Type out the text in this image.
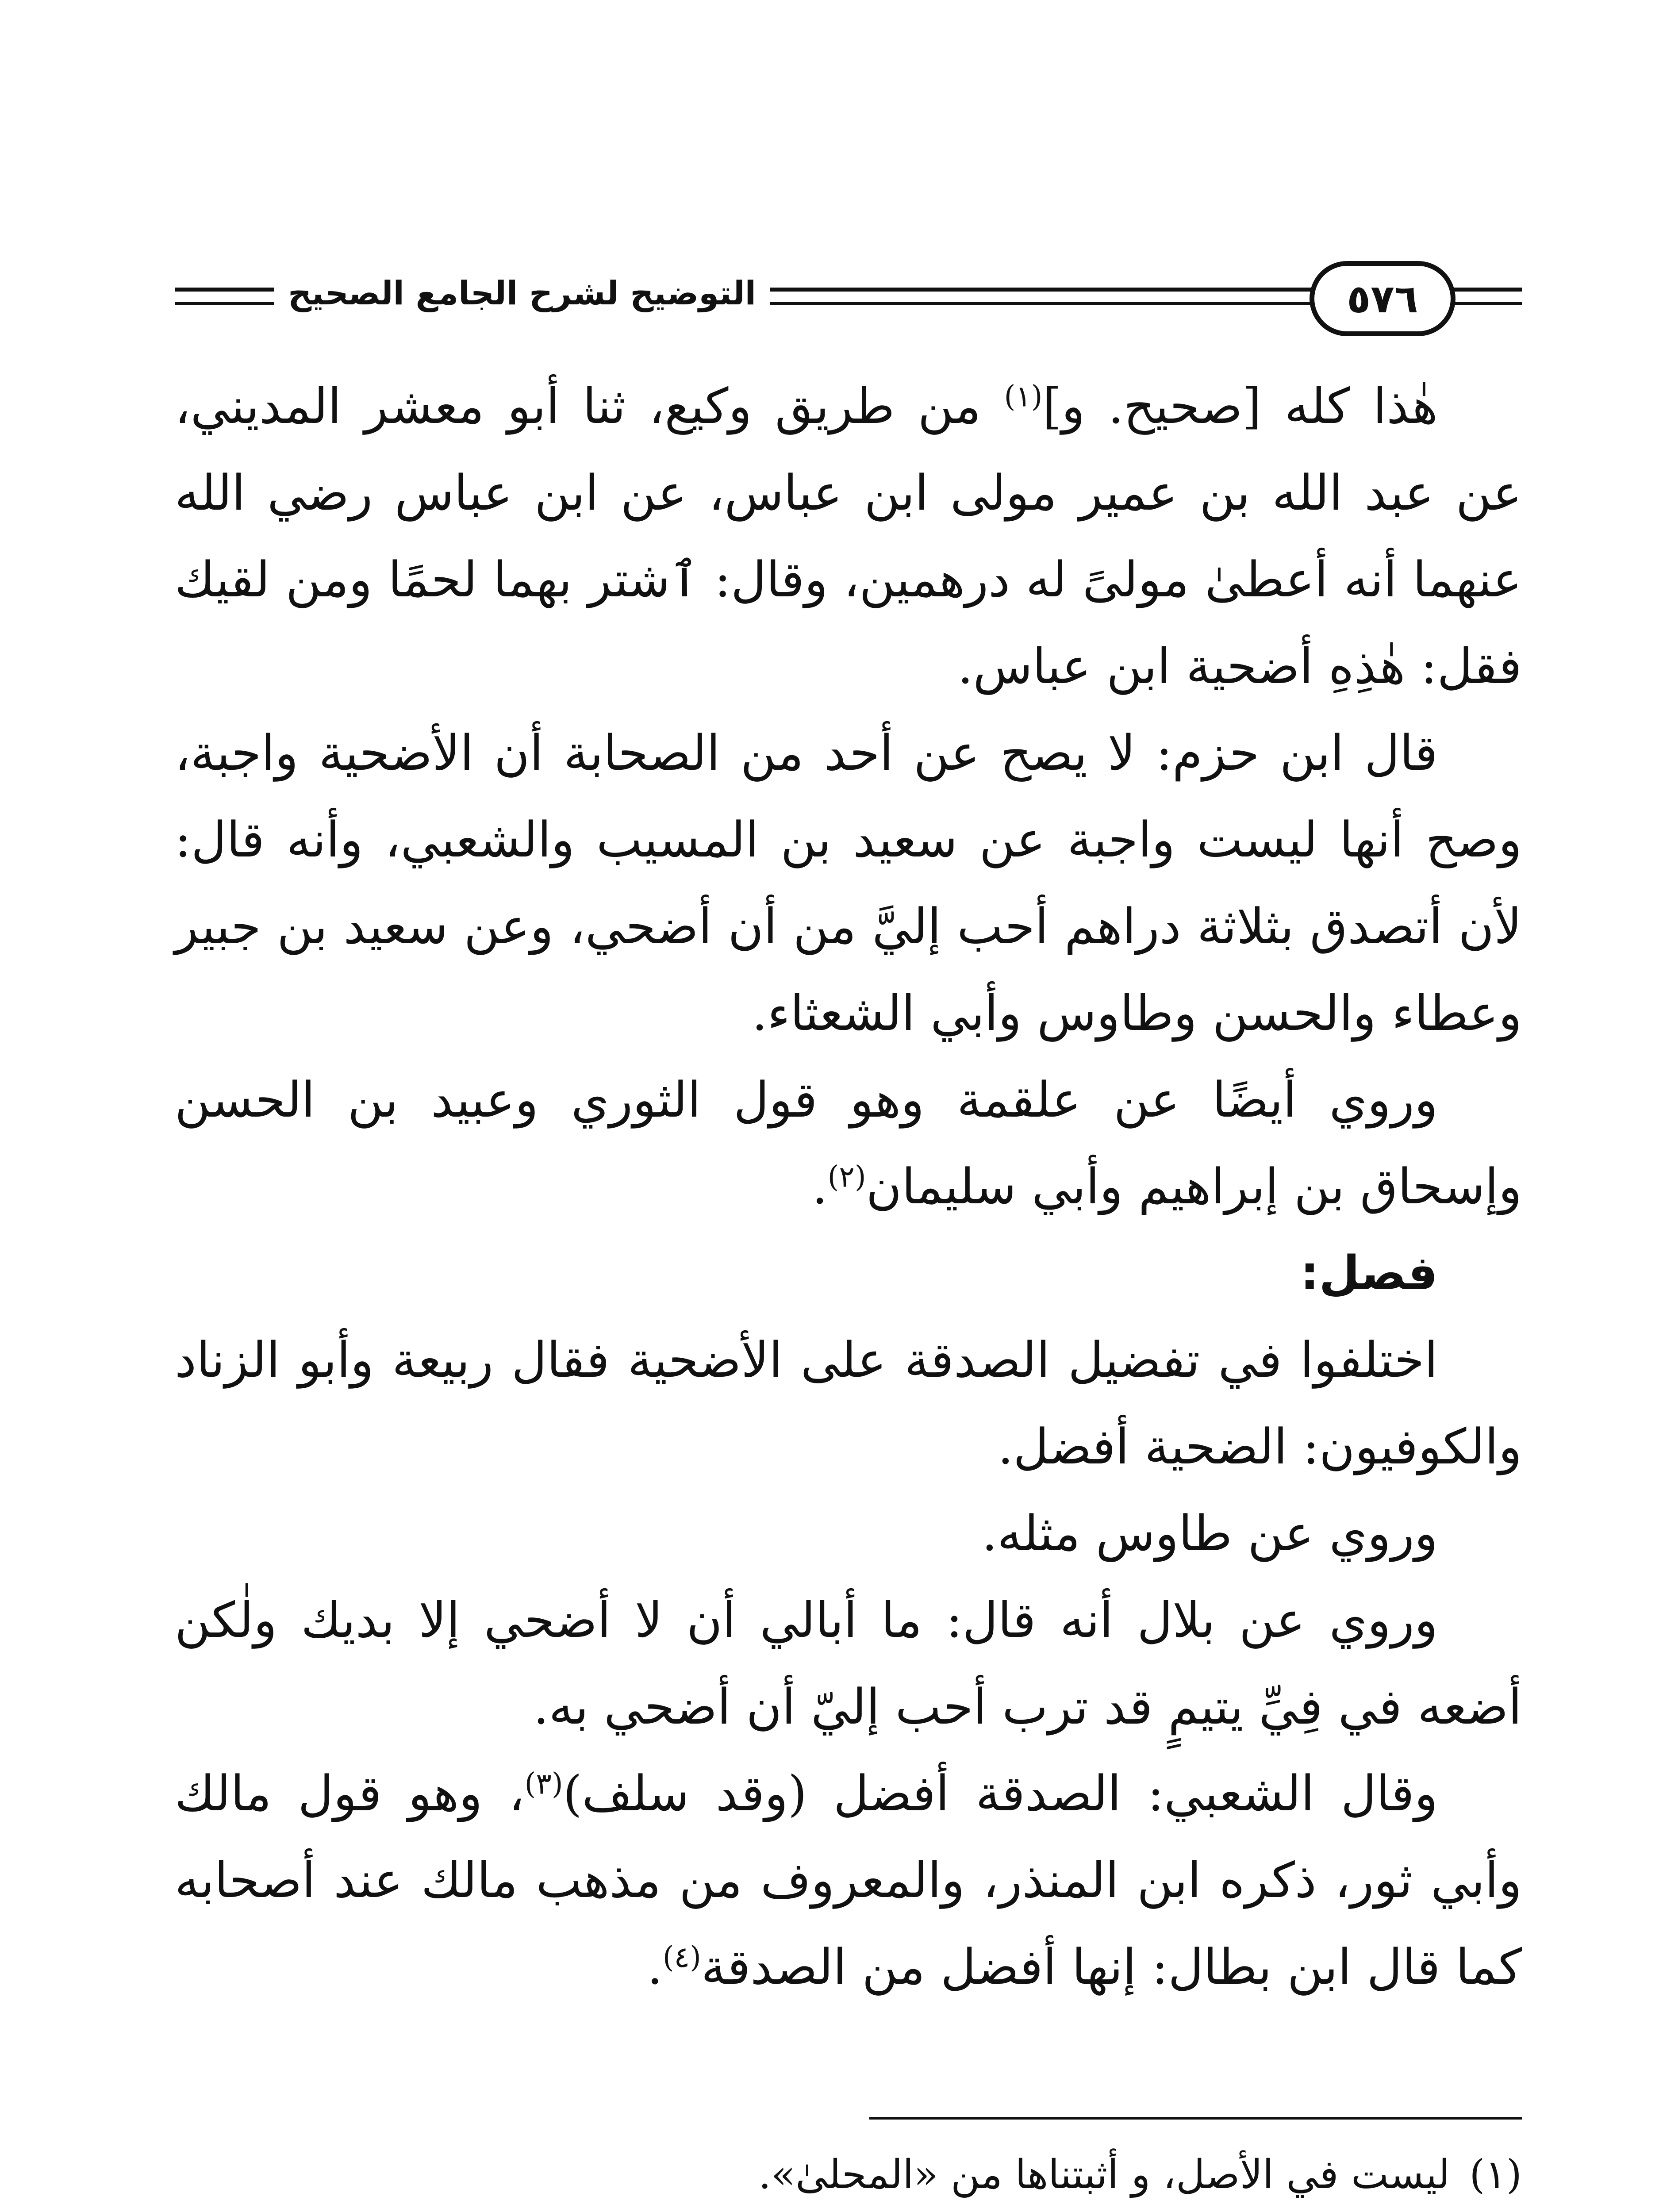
التوضيح لشرح الجامع الصحيح	٥٧٦

هٰذا كله [صحيح. و]$^{(١)}$ من طريق وكيع، ثنا أبو معشر المديني، عن عبد الله بن عمير مولى ابن عباس، عن ابن عباس رضي الله عنهما أنه أعطىٰ مولىً له درهمين، وقال: ٱشتر بهما لحمًا ومن لقيك فقل: هٰذِهِ أضحية ابن عباس.

قال ابن حزم: لا يصح عن أحد من الصحابة أن الأضحية واجبة، وصح أنها ليست واجبة عن سعيد بن المسيب والشعبي، وأنه قال: لأن أتصدق بثلاثة دراهم أحب إليَّ من أن أضحي، وعن سعيد بن جبير وعطاء والحسن وطاوس وأبي الشعثاء.

وروي أيضًا عن علقمة وهو قول الثوري وعبيد بن الحسن وإسحاق بن إبراهيم وأبي سليمان$^{(٢)}$.

فصل:

اختلفوا في تفضيل الصدقة على الأضحية فقال ربيعة وأبو الزناد والكوفيون: الضحية أفضل.

وروي عن طاوس مثله.

وروي عن بلال أنه قال: ما أبالي أن لا أضحي إلا بديك ولٰكن أضعه في فِيِّ يتيمٍ قد ترب أحب إليّ أن أضحي به.

وقال الشعبي: الصدقة أفضل (وقد سلف)$^{(٣)}$، وهو قول مالك وأبي ثور، ذكره ابن المنذر، والمعروف من مذهب مالك عند أصحابه كما قال ابن بطال: إنها أفضل من الصدقة$^{(٤)}$.

(١)ليست في الأصل، و أثبتناها من «المحلىٰ».
